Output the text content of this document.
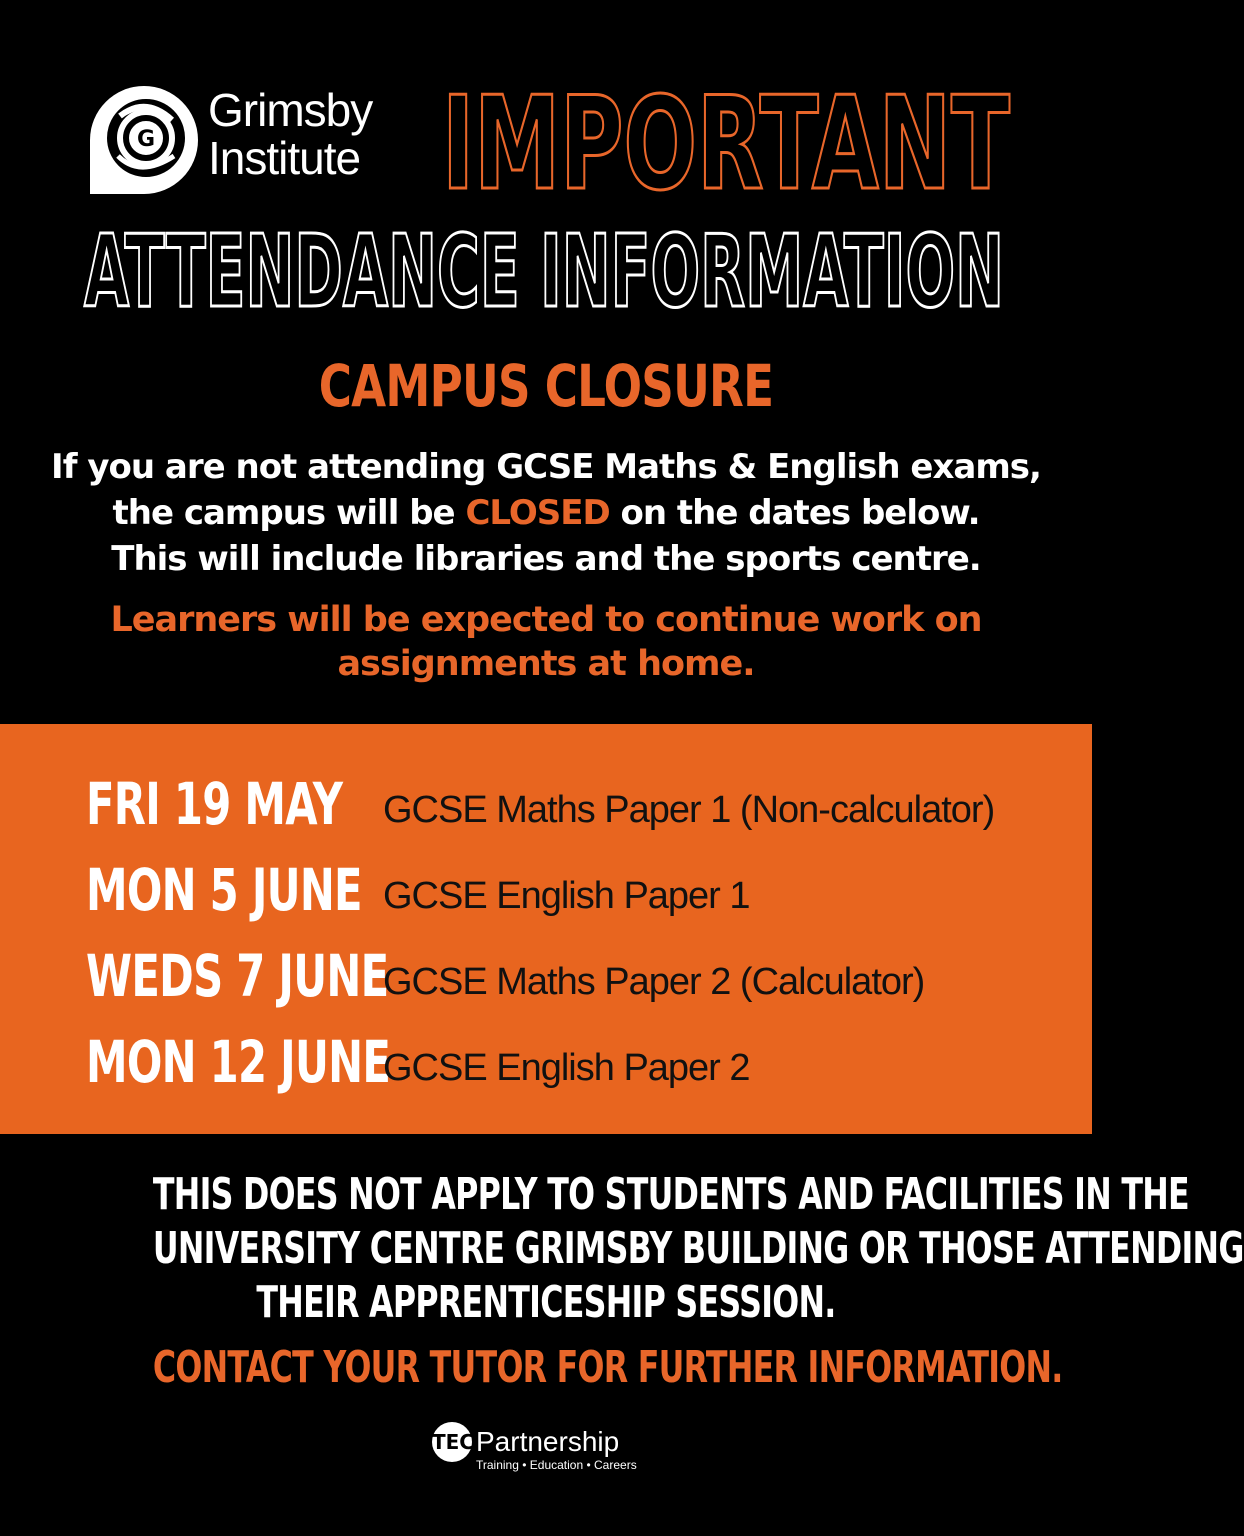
G
Grimsby
Institute IMPORTANT
ATTENDANCE INFORMATION
CAMPUS CLOSURE
If you are not attending GCSE Maths & English exams,
the campus will be CLOSED on the dates below.
This will include libraries and the sports centre.
Learners will be expected to continue work on
assignments at home.
FRI 19 MAY GCSE Maths Paper 1 (Non-calculator)
MON 5 JUNE GCSE English Paper 1
WEDS 7 JUNE
GCSE Maths Paper 2 (Calculator)
MON 12 JUNE
GCSE English Paper 2
THIS DOES NOT APPLY TO STUDENTS AND FACILITIES IN THE
UNIVERSITY CENTRE GRIMSBY BUILDING OR THOSE ATTENDING
THEIR APPRENTICESHIP SESSION.
CONTACT YOUR TUTOR FOR FURTHER INFORMATION.
TEC Partnership
Training • Education • Careers
